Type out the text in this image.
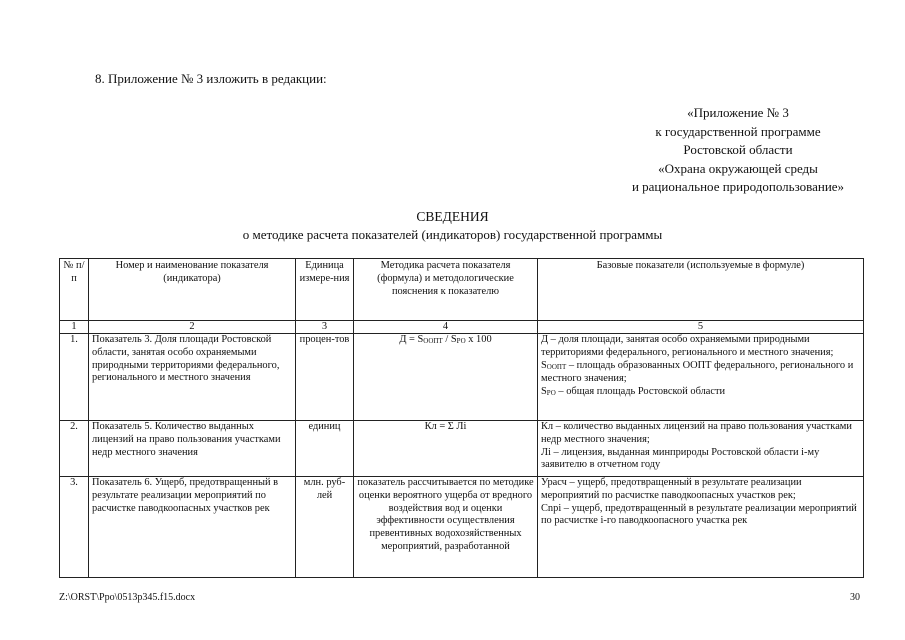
8. Приложение № 3 изложить в редакции:
«Приложение № 3
к государственной программе
Ростовской области
«Охрана окружающей среды
и рациональное природопользование»
СВЕДЕНИЯ
о методике расчета показателей (индикаторов) государственной программы
№ п/п	Номер и наименование показателя (индикатора)	Единица измере-ния	Методика расчета показателя (формула) и методологические пояснения к показателю	Базовые показатели (используемые в формуле)
1	2	3	4	5
1.	Показатель 3. Доля площади Ростовской области, занятая особо охраняемыми природными территориями федерального, регионального и местного значения	процен-тов	$Д = S_{ООПТ} / S_{РО}$ х 100	Д – доля площади, занятая особо охраняемыми природными территориями федерального, регионального и местного значения;
$S_{ООПТ}$ – площадь образованных ООПТ федерального, регионального и местного значения;
$S_{РО}$ – общая площадь Ростовской области

2.	Показатель 5. Количество выданных лицензий на право пользования участками недр местного значения	единиц	Кл = Σ Лi	Кл – количество выданных лицензий на право пользования участками недр местного значения;
Лi – лицензия, выданная минприроды Ростовской области i-му заявителю в отчетном году

3.	Показатель 6. Ущерб, предотвращенный в результате реализации мероприятий по расчистке паводкоопасных участков рек	млн. руб-лей	показатель рассчитывается по методике оценки вероятного ущерба от вредного воздействия вод и оценки эффективности осуществления превентивных водохозяйственных мероприятий, разработанной	Урасч – ущерб, предотвращенный в результате реализации мероприятий по расчистке паводкоопасных участков рек;
Сnрi – ущерб, предотвращенный в результате реализации мероприятий по расчистке i-го паводкоопасного участка рек
Z:\ORST\Ppo\0513p345.f15.docx	30
